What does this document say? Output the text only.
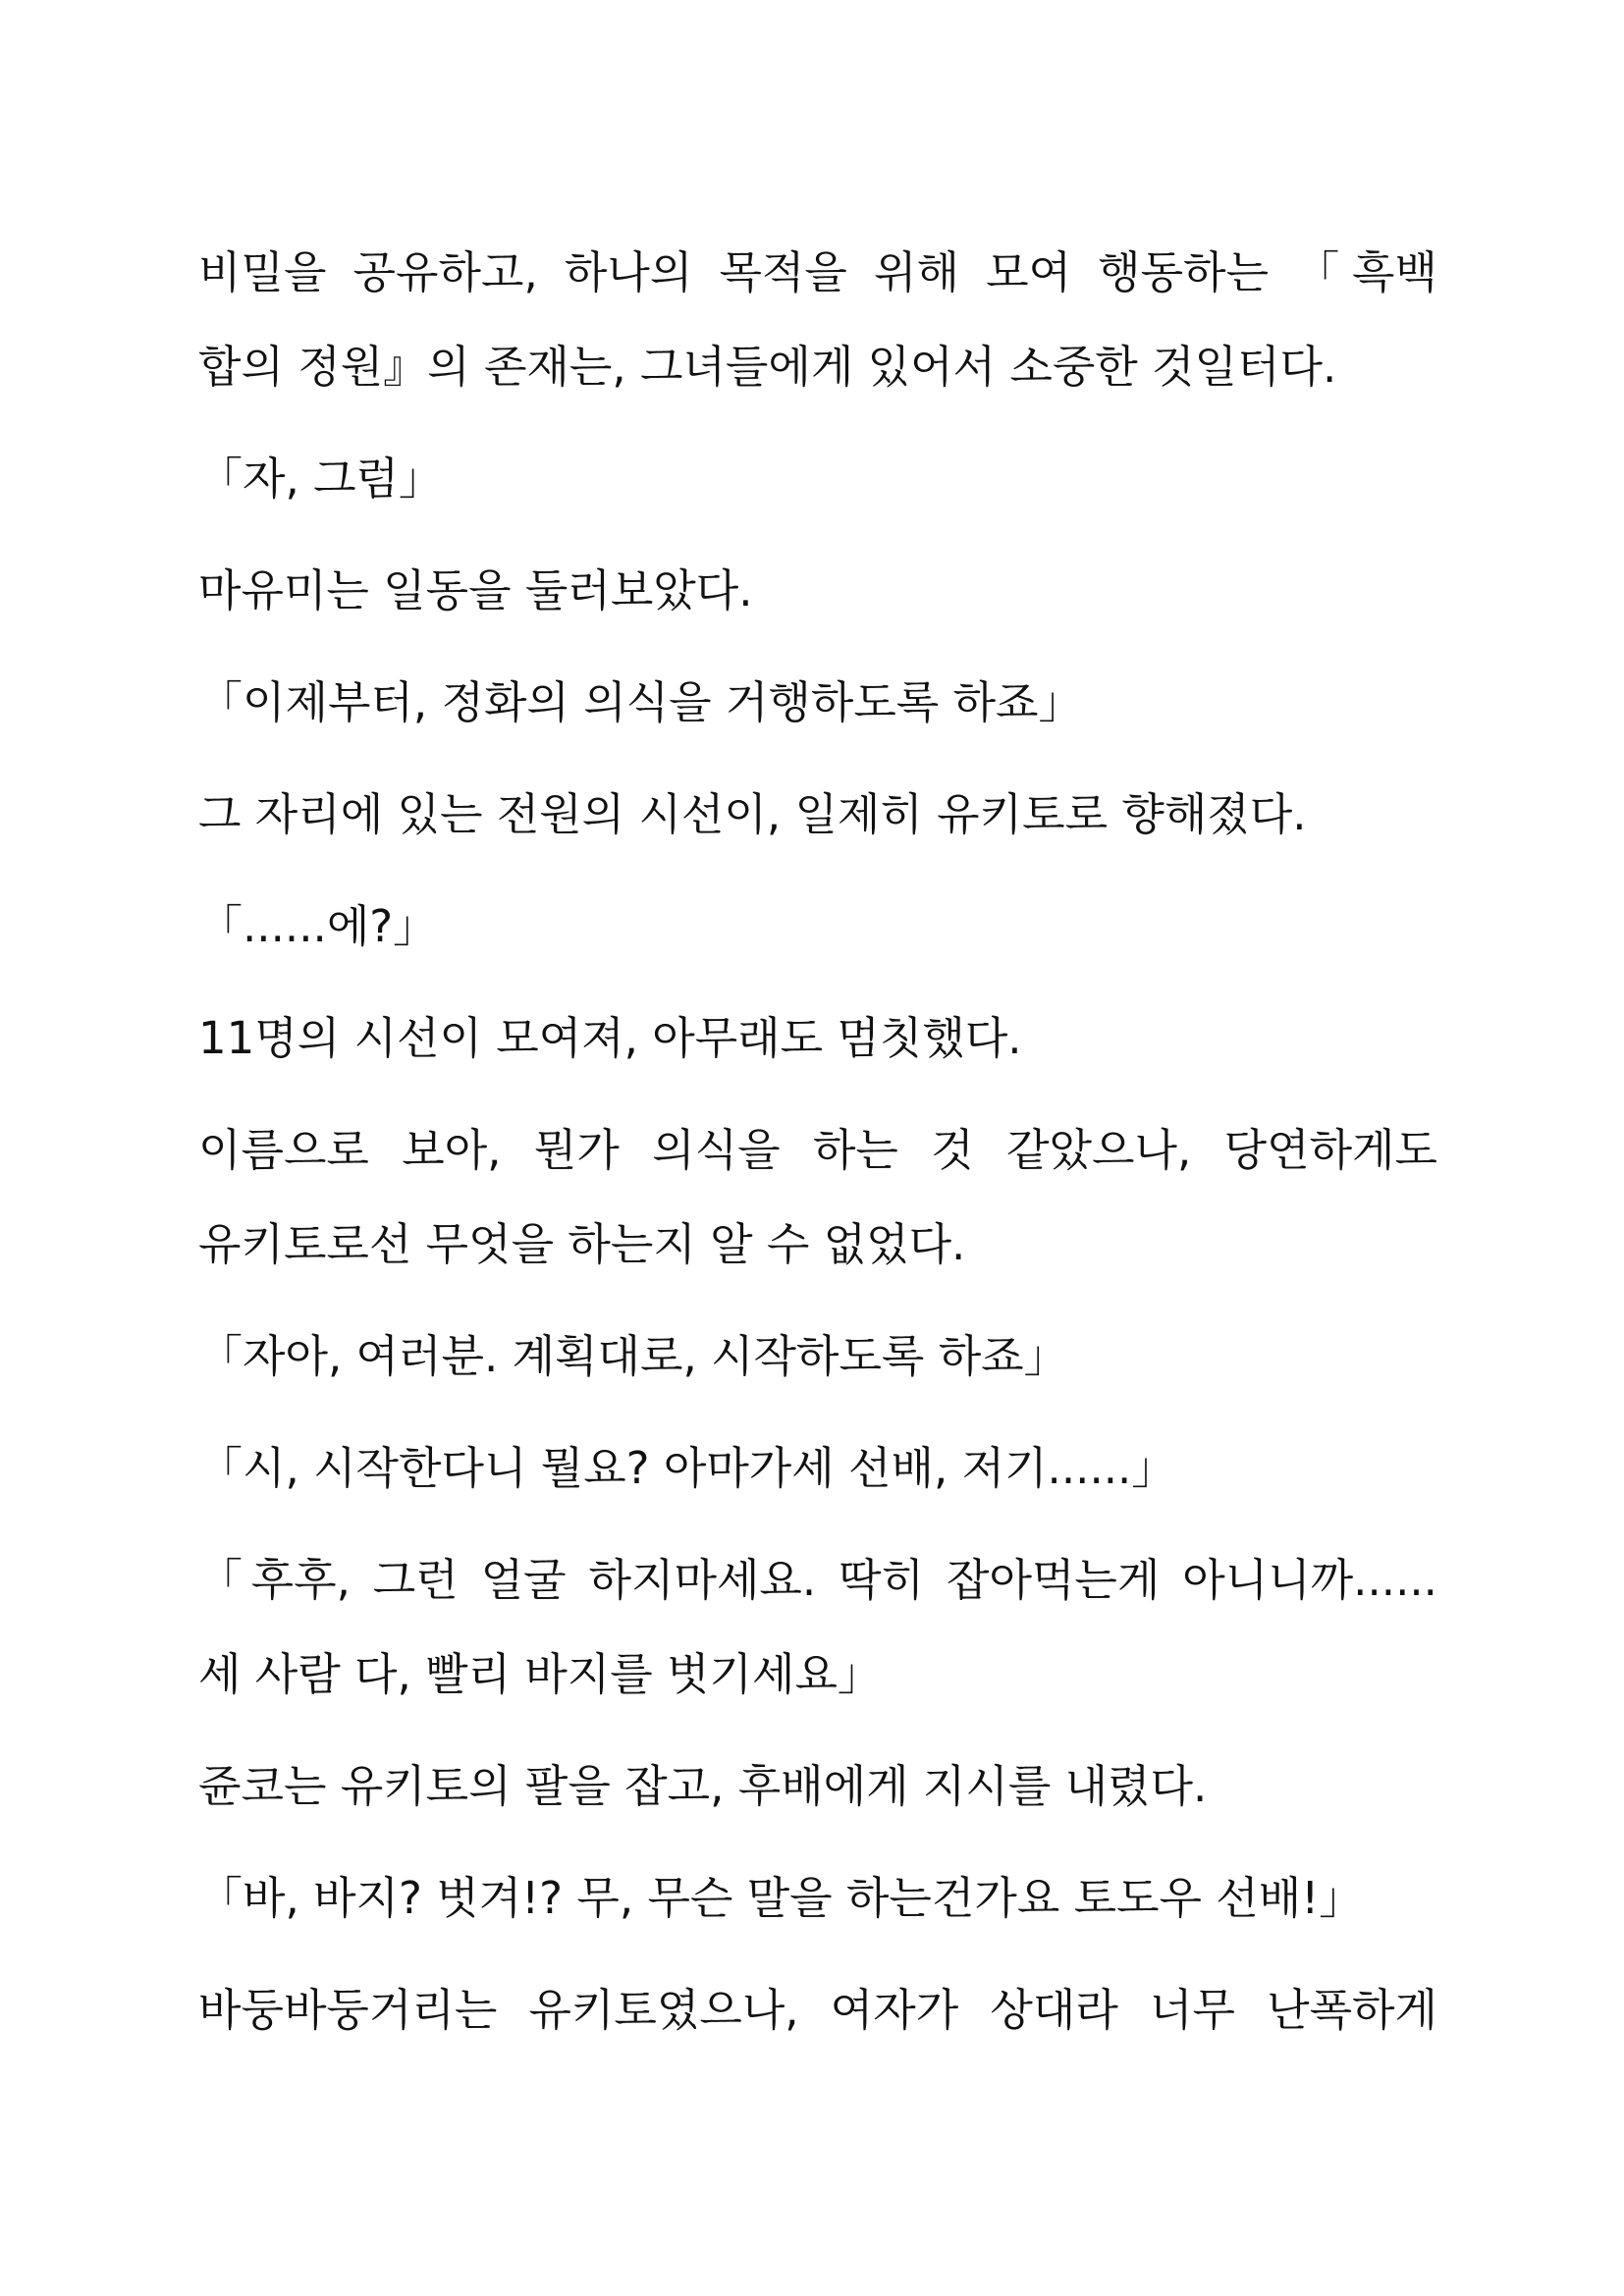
비밀을 공유하고, 하나의 목적을 위해 모여 행동하는 「흑백
합의 정원』의 존재는, 그녀들에게 있어서 소중한 것일터다.
「자, 그럼」
마유미는 일동을 둘러보았다.
「이제부터, 정화의 의식을 거행하도록 하죠」
그 자리에 있는 전원의 시선이, 일제히 유키토로 향해졌다.
「......에?」
11명의 시선이 모여져, 아무래도 멈칫했다.
이름으로 보아, 뭔가 의식을 하는 것 같았으나, 당연하게도
유키토로선 무엇을 하는지 알 수 없었다.
「자아, 여러분. 계획대로, 시작하도록 하죠」
「시, 시작한다니 뭘요? 아마가세 선배, 저기......」
「후후, 그런 얼굴 하지마세요. 딱히 잡아먹는게 아니니까......
세 사람 다, 빨리 바지를 벗기세요」
쥰코는 유키토의 팔을 잡고, 후배에게 지시를 내렸다.
「바, 바지? 벗겨!? 무, 무슨 말을 하는건가요 토도우 선배!」
바둥바둥거리는 유키토였으나, 여자가 상대라 너무 난폭하게
